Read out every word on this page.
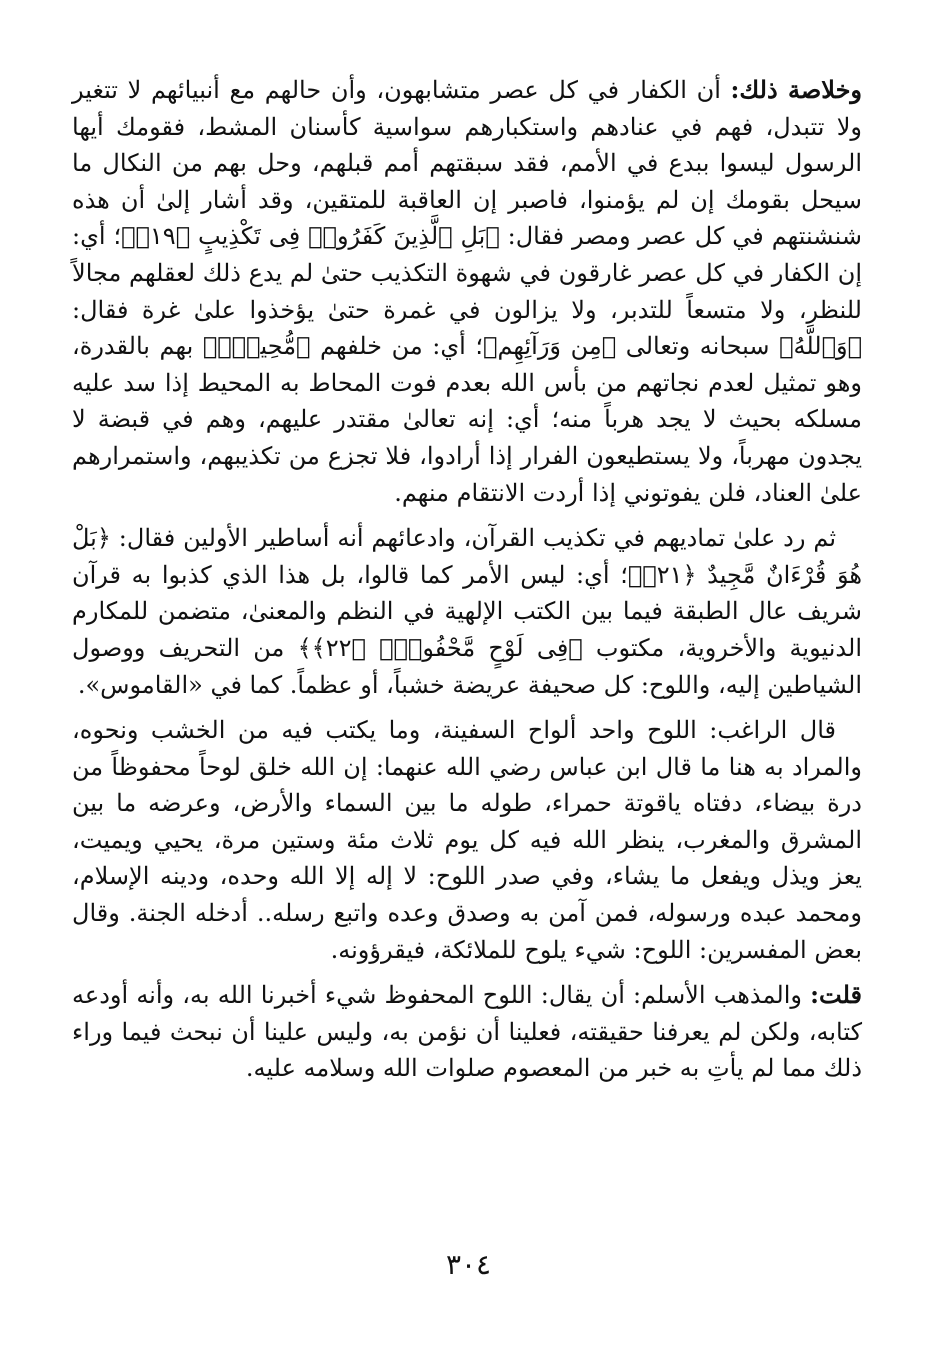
وخلاصة ذلك: أن الكفار في كل عصر متشابهون، وأن حالهم مع أنبيائهم لا تتغير ولا تتبدل، فهم في عنادهم واستكبارهم سواسية كأسنان المشط، فقومك أيها الرسول ليسوا ببدع في الأمم، فقد سبقتهم أمم قبلهم، وحل بهم من النكال ما سيحل بقومك إن لم يؤمنوا، فاصبر إن العاقبة للمتقين، وقد أشار إلىٰ أن هذه شنشنتهم في كل عصر ومصر فقال: ﴿بَلِ ٱلَّذِينَ كَفَرُوا۟ فِى تَكْذِيبٍ ﴿١٩﴾﴾؛ أي: إن الكفار في كل عصر غارقون في شهوة التكذيب حتىٰ لم يدع ذلك لعقلهم مجالاً للنظر، ولا متسعاً للتدبر، ولا يزالون في غمرة حتىٰ يؤخذوا علىٰ غرة فقال: ﴿وَٱللَّهُ﴾ سبحانه وتعالى ﴿مِن وَرَآئِهِم﴾؛ أي: من خلفهم ﴿مُّحِيطٌۢ﴾ بهم بالقدرة، وهو تمثيل لعدم نجاتهم من بأس الله بعدم فوت المحاط به المحيط إذا سد عليه مسلكه بحيث لا يجد هرباً منه؛ أي: إنه تعالىٰ مقتدر عليهم، وهم في قبضة لا يجدون مهرباً، ولا يستطيعون الفرار إذا أرادوا، فلا تجزع من تكذيبهم، واستمرارهم علىٰ العناد، فلن يفوتوني إذا أردت الانتقام منهم.

ثم رد علىٰ تماديهم في تكذيب القرآن، وادعائهم أنه أساطير الأولين فقال: ﴿بَلْ هُوَ قُرْءَانٌ مَّجِيدٌ ﴿٢١﴾﴾؛ أي: ليس الأمر كما قالوا، بل هذا الذي كذبوا به قرآن شريف عال الطبقة فيما بين الكتب الإلهية في النظم والمعنىٰ، متضمن للمكارم الدنيوية والأخروية، مكتوب ﴿فِى لَوْحٍ مَّحْفُوظٍۭ ﴿٢٢﴾﴾ من التحريف ووصول الشياطين إليه، واللوح: كل صحيفة عريضة خشباً، أو عظماً. كما في «القاموس».

قال الراغب: اللوح واحد ألواح السفينة، وما يكتب فيه من الخشب ونحوه، والمراد به هنا ما قال ابن عباس رضي الله عنهما: إن الله خلق لوحاً محفوظاً من درة بيضاء، دفتاه ياقوتة حمراء، طوله ما بين السماء والأرض، وعرضه ما بين المشرق والمغرب، ينظر الله فيه كل يوم ثلاث مئة وستين مرة، يحيي ويميت، يعز ويذل ويفعل ما يشاء، وفي صدر اللوح: لا إله إلا الله وحده، ودينه الإسلام، ومحمد عبده ورسوله، فمن آمن به وصدق وعده واتبع رسله.. أدخله الجنة. وقال بعض المفسرين: اللوح: شيء يلوح للملائكة، فيقرؤونه.

قلت: والمذهب الأسلم: أن يقال: اللوح المحفوظ شيء أخبرنا الله به، وأنه أودعه كتابه، ولكن لم يعرفنا حقيقته، فعلينا أن نؤمن به، وليس علينا أن نبحث فيما وراء ذلك مما لم يأتِ به خبر من المعصوم صلوات الله وسلامه عليه.

٣٠٤
